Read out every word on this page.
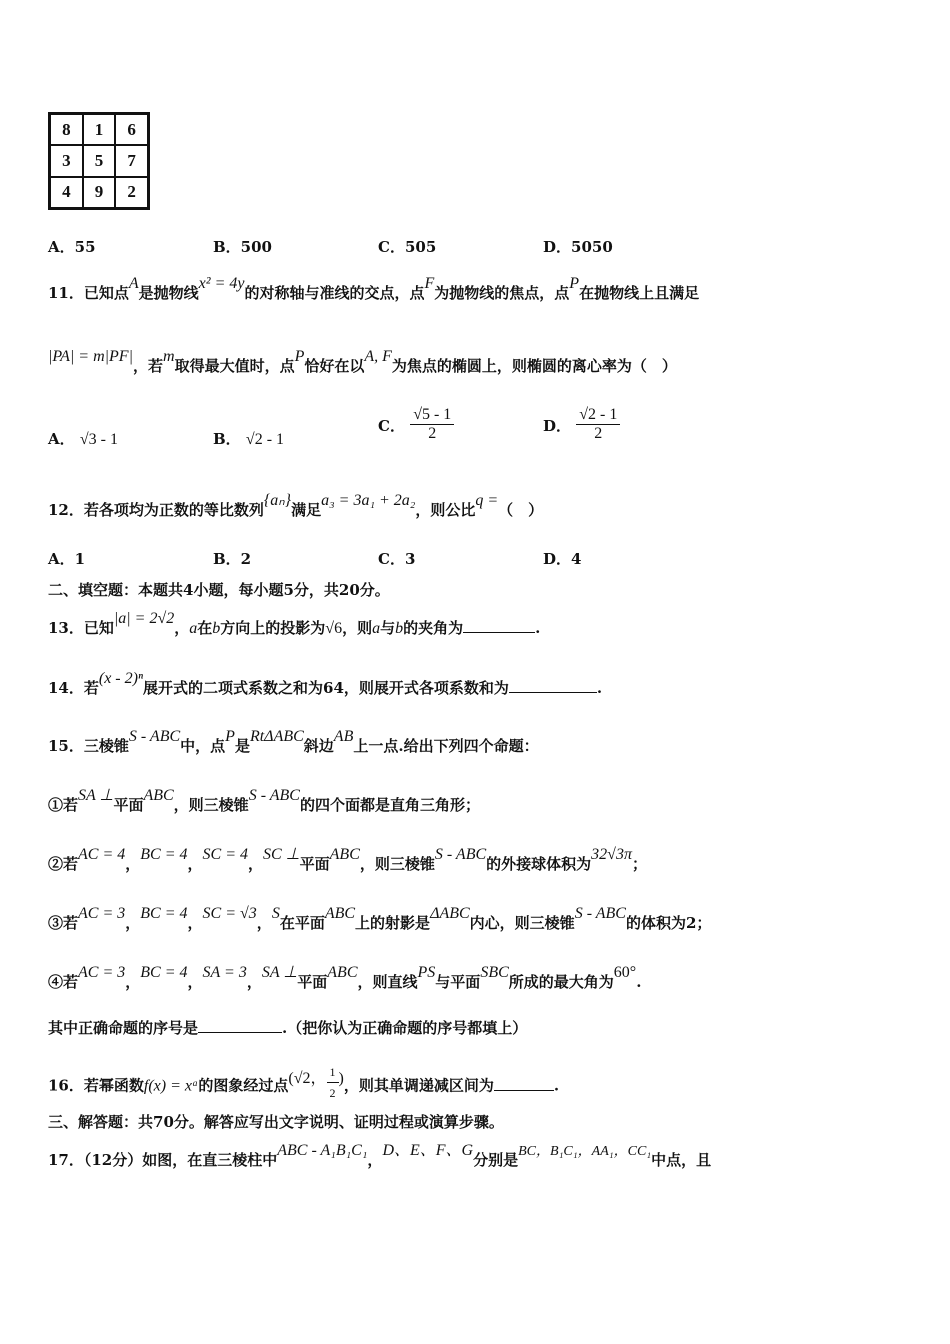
8	1	6
3	5	7
4	9	2
A．55	B．500	C．505	D．5050
11．已知点A是抛物线x² = 4y的对称轴与准线的交点，点F为抛物线的焦点，点P在抛物线上且满足
|PA| = m|PF|，若m取得最大值时，点P恰好在以A, F为焦点的椭圆上，则椭圆的离心率为（　）
A． √3 - 1	B． √2 - 1
C． $\frac{√5 - 1}{2}$	D． $\frac{√2 - 1}{2}$
12．若各项均为正数的等比数列{aₙ}满足a₃ = 3a₁ + 2a₂，则公比q =（　）
A．1	B．2	C．3	D．4
二、填空题：本题共4小题，每小题5分，共20分。
13．已知|a| = 2√2，a在b方向上的投影为√6，则a与b的夹角为	.
14．若(x - 2)ⁿ展开式的二项式系数之和为64，则展开式各项系数和为	.
15．三棱锥S - ABC中，点P是RtΔABC斜边AB上一点.给出下列四个命题：
①若SA ⊥平面ABC，则三棱锥S - ABC的四个面都是直角三角形；
②若AC = 4，BC = 4，SC = 4，SC ⊥平面ABC，则三棱锥S - ABC的外接球体积为32√3π；
③若AC = 3，BC = 4，SC = √3，S在平面ABC上的射影是ΔABC内心，则三棱锥S - ABC的体积为2；
④若AC = 3，BC = 4，SA = 3，SA ⊥平面ABC，则直线PS与平面SBC所成的最大角为60°.
其中正确命题的序号是	.（把你认为正确命题的序号都填上）
16．若幂函数f(x) = xᵃ的图象经过点(√2， $\frac{1}{2}$ )，则其单调递减区间为	.
三、解答题：共70分。解答应写出文字说明、证明过程或演算步骤。
17．（12分）如图，在直三棱柱中ABC - A₁B₁C₁，D、E、F、G分别是BC，B₁C₁，AA₁，CC₁中点，且
